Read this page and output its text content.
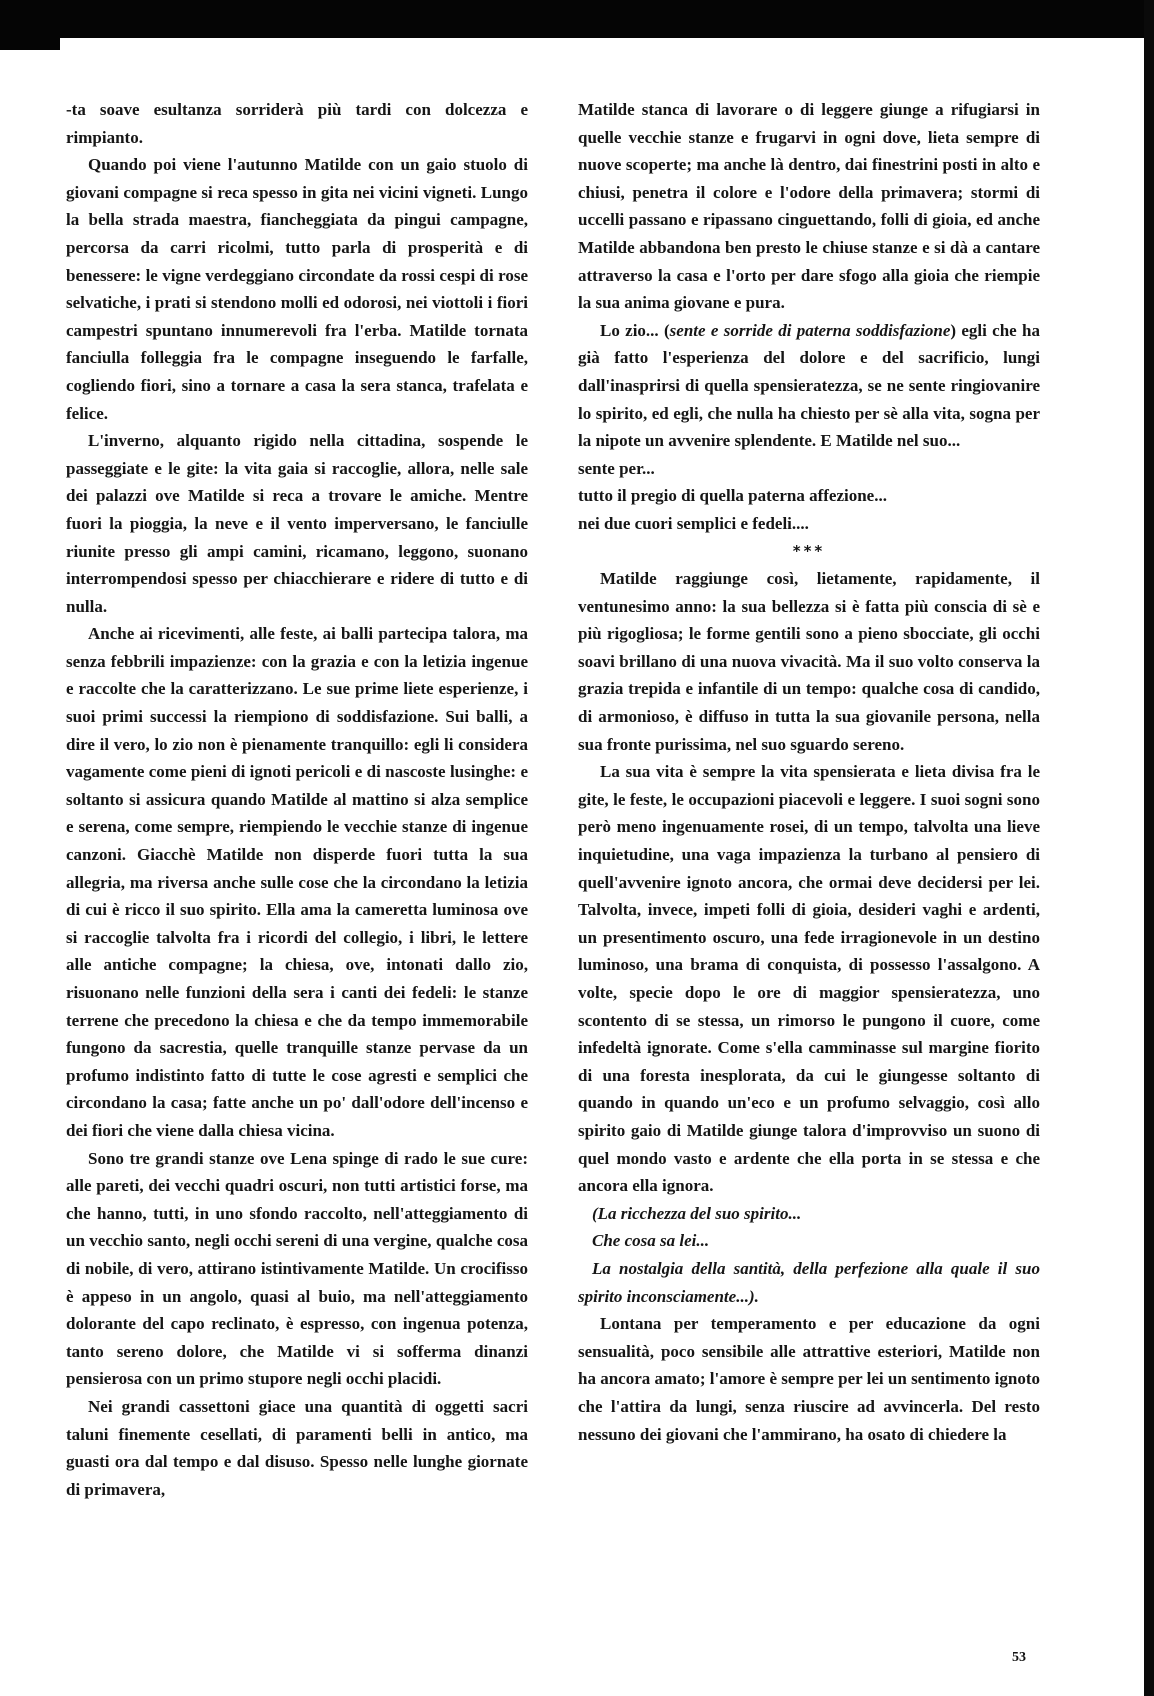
-ta soave esultanza sorriderà più tardi con dolcezza e rimpianto.

Quando poi viene l'autunno Matilde con un gaio stuolo di giovani compagne si reca spesso in gita nei vicini vigneti. Lungo la bella strada maestra, fiancheggiata da pingui campagne, percorsa da carri ricolmi, tutto parla di prosperità e di benessere: le vigne verdeggiano circondate da rossi cespi di rose selvatiche, i prati si stendono molli ed odorosi, nei viottoli i fiori campestri spuntano innumerevoli fra l'erba. Matilde tornata fanciulla folleggia fra le compagne inseguendo le farfalle, cogliendo fiori, sino a tornare a casa la sera stanca, trafelata e felice.

L'inverno, alquanto rigido nella cittadina, sospende le passeggiate e le gite: la vita gaia si raccoglie, allora, nelle sale dei palazzi ove Matilde si reca a trovare le amiche. Mentre fuori la pioggia, la neve e il vento imperversano, le fanciulle riunite presso gli ampi camini, ricamano, leggono, suonano interrompendosi spesso per chiacchierare e ridere di tutto e di nulla.

Anche ai ricevimenti, alle feste, ai balli partecipa talora, ma senza febbrili impazienze: con la grazia e con la letizia ingenue e raccolte che la caratterizzano. Le sue prime liete esperienze, i suoi primi successi la riempiono di soddisfazione. Sui balli, a dire il vero, lo zio non è pienamente tranquillo: egli li considera vagamente come pieni di ignoti pericoli e di nascoste lusinghe: e soltanto si assicura quando Matilde al mattino si alza semplice e serena, come sempre, riempiendo le vecchie stanze di ingenue canzoni. Giacchè Matilde non disperde fuori tutta la sua allegria, ma riversa anche sulle cose che la circondano la letizia di cui è ricco il suo spirito. Ella ama la cameretta luminosa ove si raccoglie talvolta fra i ricordi del collegio, i libri, le lettere alle antiche compagne; la chiesa, ove, intonati dallo zio, risuonano nelle funzioni della sera i canti dei fedeli: le stanze terrene che precedono la chiesa e che da tempo immemorabile fungono da sacrestia, quelle tranquille stanze pervase da un profumo indistinto fatto di tutte le cose agresti e semplici che circondano la casa; fatte anche un po' dall'odore dell'incenso e dei fiori che viene dalla chiesa vicina.

Sono tre grandi stanze ove Lena spinge di rado le sue cure: alle pareti, dei vecchi quadri oscuri, non tutti artistici forse, ma che hanno, tutti, in uno sfondo raccolto, nell'atteggiamento di un vecchio santo, negli occhi sereni di una vergine, qualche cosa di nobile, di vero, attirano istintivamente Matilde. Un crocifisso è appeso in un angolo, quasi al buio, ma nell'atteggiamento dolorante del capo reclinato, è espresso, con ingenua potenza, tanto sereno dolore, che Matilde vi si sofferma dinanzi pensierosa con un primo stupore negli occhi placidi.

Nei grandi cassettoni giace una quantità di oggetti sacri taluni finemente cesellati, di paramenti belli in antico, ma guasti ora dal tempo e dal disuso. Spesso nelle lunghe giornate di primavera,

Matilde stanca di lavorare o di leggere giunge a rifugiarsi in quelle vecchie stanze e frugarvi in ogni dove, lieta sempre di nuove scoperte; ma anche là dentro, dai finestrini posti in alto e chiusi, penetra il colore e l'odore della primavera; stormi di uccelli passano e ripassano cinguettando, folli di gioia, ed anche Matilde abbandona ben presto le chiuse stanze e si dà a cantare attraverso la casa e l'orto per dare sfogo alla gioia che riempie la sua anima giovane e pura.

Lo zio... (sente e sorride di paterna soddisfazione) egli che ha già fatto l'esperienza del dolore e del sacrificio, lungi dall'inasprirsi di quella spensieratezza, se ne sente ringiovanire lo spirito, ed egli, che nulla ha chiesto per sè alla vita, sogna per la nipote un avvenire splendente. E Matilde nel suo...

sente per...

tutto il pregio di quella paterna affezione...

nei due cuori semplici e fedeli....

***

Matilde raggiunge così, lietamente, rapidamente, il ventunesimo anno: la sua bellezza si è fatta più conscia di sè e più rigogliosa; le forme gentili sono a pieno sbocciate, gli occhi soavi brillano di una nuova vivacità. Ma il suo volto conserva la grazia trepida e infantile di un tempo: qualche cosa di candido, di armonioso, è diffuso in tutta la sua giovanile persona, nella sua fronte purissima, nel suo sguardo sereno.

La sua vita è sempre la vita spensierata e lieta divisa fra le gite, le feste, le occupazioni piacevoli e leggere. I suoi sogni sono però meno ingenuamente rosei, di un tempo, talvolta una lieve inquietudine, una vaga impazienza la turbano al pensiero di quell'avvenire ignoto ancora, che ormai deve decidersi per lei. Talvolta, invece, impeti folli di gioia, desideri vaghi e ardenti, un presentimento oscuro, una fede irragionevole in un destino luminoso, una brama di conquista, di possesso l'assalgono. A volte, specie dopo le ore di maggior spensieratezza, uno scontento di se stessa, un rimorso le pungono il cuore, come infedeltà ignorate. Come s'ella camminasse sul margine fiorito di una foresta inesplorata, da cui le giungesse soltanto di quando in quando un'eco e un profumo selvaggio, così allo spirito gaio di Matilde giunge talora d'improvviso un suono di quel mondo vasto e ardente che ella porta in se stessa e che ancora ella ignora.

(La ricchezza del suo spirito...

Che cosa sa lei...

La nostalgia della santità, della perfezione alla quale il suo spirito inconsciamente...).

Lontana per temperamento e per educazione da ogni sensualità, poco sensibile alle attrattive esteriori, Matilde non ha ancora amato; l'amore è sempre per lei un sentimento ignoto che l'attira da lungi, senza riuscire ad avvincerla. Del resto nessuno dei giovani che l'ammirano, ha osato di chiedere la

53
